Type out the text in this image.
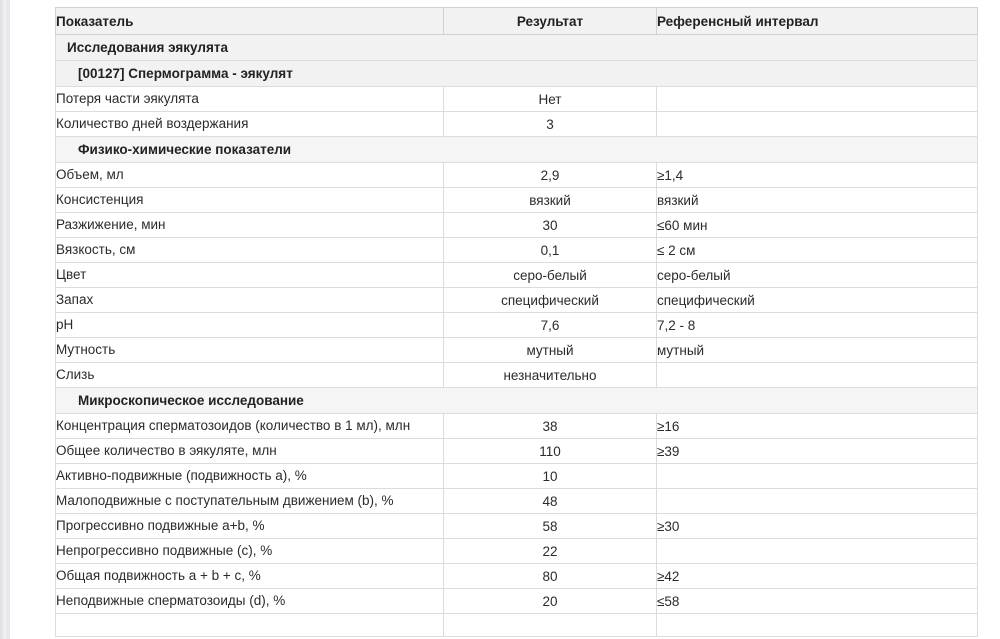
Показатель	Результат	Референсный интервал
Исследования эякулята		
[00127] Спермограмма - эякулят		
Потеря части эякулята	Нет	
Количество дней воздержания	3	
Физико-химические показатели		
Объем, мл	2,9	≥1,4
Консистенция	вязкий	вязкий
Разжижение, мин	30	≤60 мин
Вязкость, см	0,1	≤ 2 см
Цвет	серо-белый	серо-белый
Запах	специфический	специфический
pH	7,6	7,2 - 8
Мутность	мутный	мутный
Слизь	незначительно	
Микроскопическое исследование		
Концентрация сперматозоидов (количество в 1 мл), млн	38	≥16
Общее количество в эякуляте, млн	110	≥39
Активно-подвижные (подвижность a), %	10	
Малоподвижные с поступательным движением (b), %	48	
Прогрессивно подвижные a+b, %	58	≥30
Непрогрессивно подвижные (c), %	22	
Общая подвижность a + b + c, %	80	≥42
Неподвижные сперматозоиды (d), %	20	≤58
